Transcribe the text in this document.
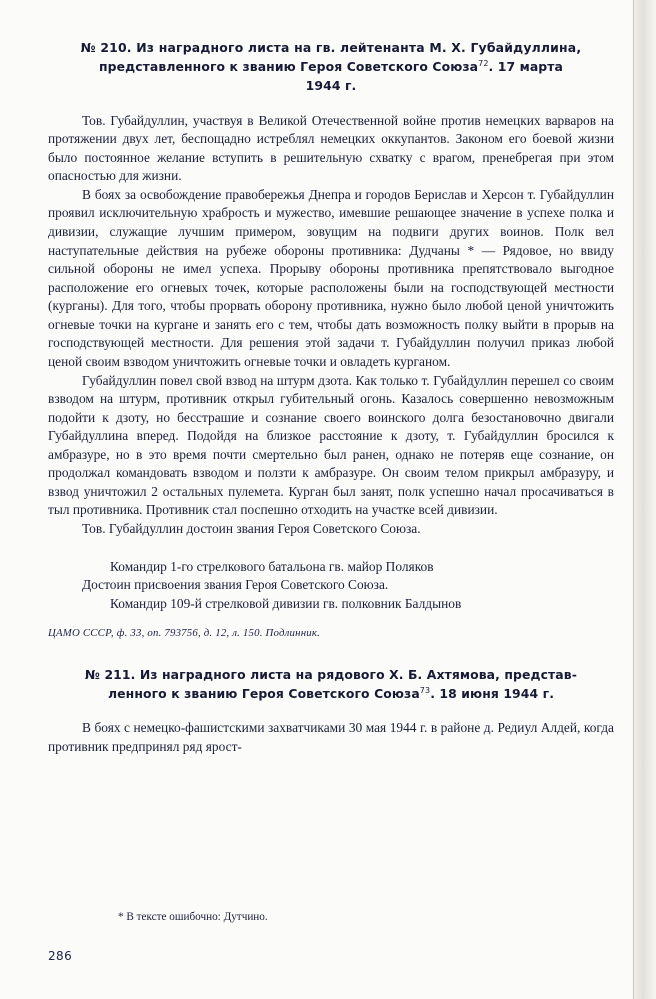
№ 210. Из наградного листа на гв. лейтенанта М. Х. Губайдуллина,
представленного к званию Героя Советского Союза$^{72}$. 17 марта
1944 г.

Тов. Губайдуллин, участвуя в Великой Отечественной войне против немецких варваров на протяжении двух лет, беспощадно истреблял немецких оккупантов. Законом его боевой жизни было постоянное желание вступить в решительную схватку с врагом, пренебрегая при этом опасностью для жизни.

В боях за освобождение правобережья Днепра и городов Берислав и Херсон т. Губайдуллин проявил исключительную храбрость и мужество, имевшие решающее значение в успехе полка и дивизии, служащие лучшим примером, зовущим на подвиги других воинов. Полк вел наступательные действия на рубеже обороны противника: Дудчаны * — Рядовое, но ввиду сильной обороны не имел успеха. Прорыву обороны противника препятствовало выгодное расположение его огневых точек, которые расположены были на господствующей местности (курганы). Для того, чтобы прорвать оборону противника, нужно было любой ценой уничтожить огневые точки на кургане и занять его с тем, чтобы дать возможность полку выйти в прорыв на господствующей местности. Для решения этой задачи т. Губайдуллин получил приказ любой ценой своим взводом уничтожить огневые точки и овладеть курганом.

Губайдуллин повел свой взвод на штурм дзота. Как только т. Губайдуллин перешел со своим взводом на штурм, противник открыл губительный огонь. Казалось совершенно невозможным подойти к дзоту, но бесстрашие и сознание своего воинского долга безостановочно двигали Губайдуллина вперед. Подойдя на близкое расстояние к дзоту, т. Губайдуллин бросился к амбразуре, но в это время почти смертельно был ранен, однако не потеряв еще сознание, он продолжал командовать взводом и ползти к амбразуре. Он своим телом прикрыл амбразуру, и взвод уничтожил 2 остальных пулемета. Курган был занят, полк успешно начал просачиваться в тыл противника. Противник стал поспешно отходить на участке всей дивизии.

Тов. Губайдуллин достоин звания Героя Советского Союза.

Командир 1-го стрелкового батальона гв. майор Поляков
Достоин присвоения звания Героя Советского Союза.
Командир 109-й стрелковой дивизии гв. полковник Балдынов
ЦАМО СССР, ф. 33, оп. 793756, д. 12, л. 150. Подлинник.
№ 211. Из наградного листа на рядового Х. Б. Ахтямова, представ-
ленного к званию Героя Советского Союза$^{73}$. 18 июня 1944 г.

В боях с немецко-фашистскими захватчиками 30 мая 1944 г. в районе д. Редиул Алдей, когда противник предпринял ряд ярост-

* В тексте ошибочно: Дутчино.
286
